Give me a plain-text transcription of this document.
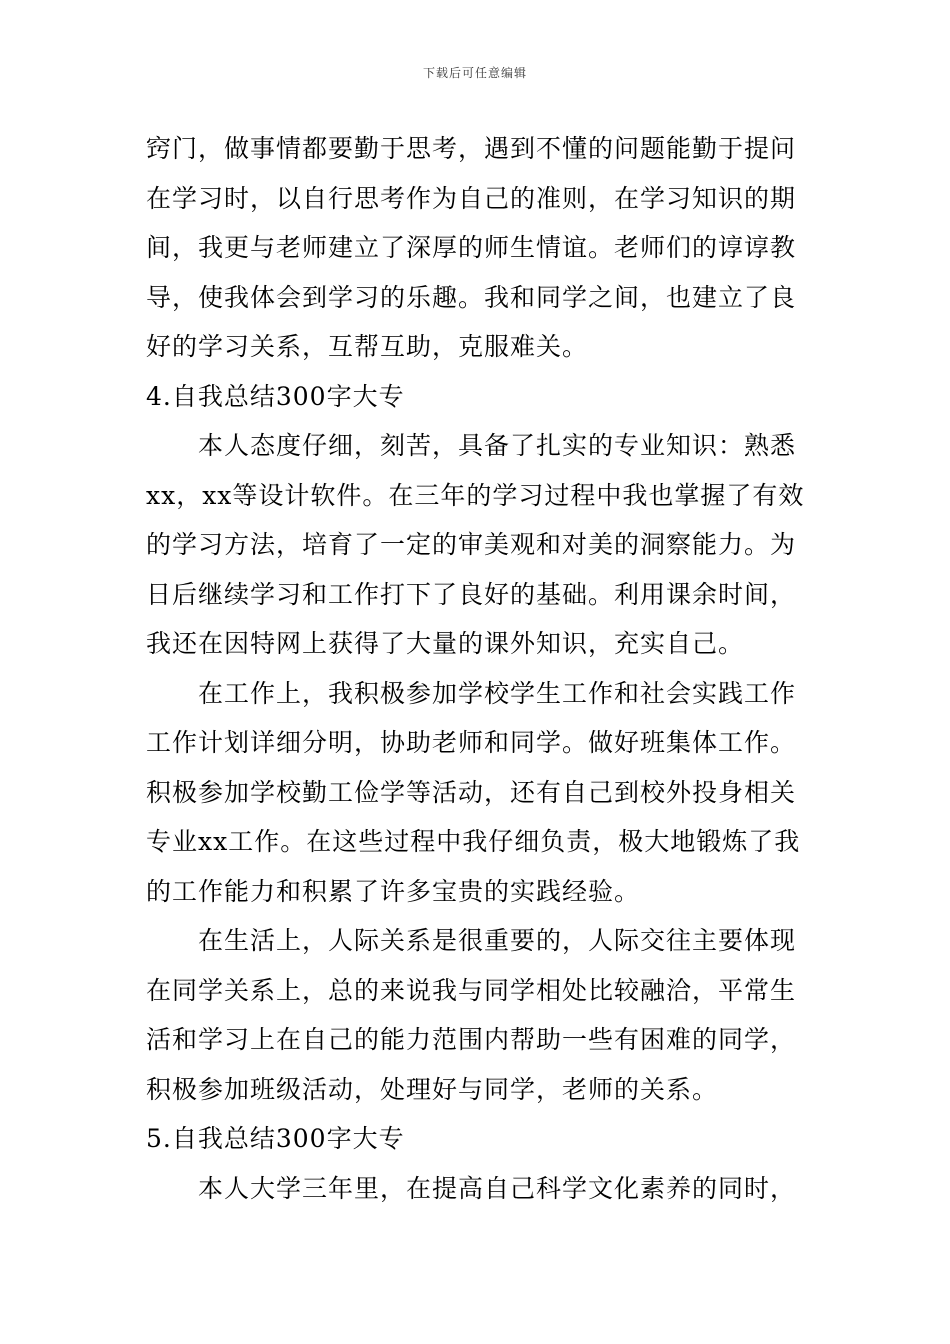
下载后可任意编辑
窍门，做事情都要勤于思考，遇到不懂的问题能勤于提问
在学习时，以自行思考作为自己的准则，在学习知识的期
间，我更与老师建立了深厚的师生情谊。老师们的谆谆教
导，使我体会到学习的乐趣。我和同学之间，也建立了良
好的学习关系，互帮互助，克服难关。
4.自我总结300字大专
本人态度仔细，刻苦，具备了扎实的专业知识：熟悉
xx，xx等设计软件。在三年的学习过程中我也掌握了有效
的学习方法，培育了一定的审美观和对美的洞察能力。为
日后继续学习和工作打下了良好的基础。利用课余时间，
我还在因特网上获得了大量的课外知识，充实自己。
在工作上，我积极参加学校学生工作和社会实践工作
工作计划详细分明，协助老师和同学。做好班集体工作。
积极参加学校勤工俭学等活动，还有自己到校外投身相关
专业xx工作。在这些过程中我仔细负责，极大地锻炼了我
的工作能力和积累了许多宝贵的实践经验。
在生活上，人际关系是很重要的，人际交往主要体现
在同学关系上，总的来说我与同学相处比较融洽，平常生
活和学习上在自己的能力范围内帮助一些有困难的同学，
积极参加班级活动，处理好与同学，老师的关系。
5.自我总结300字大专
本人大学三年里，在提高自己科学文化素养的同时，
